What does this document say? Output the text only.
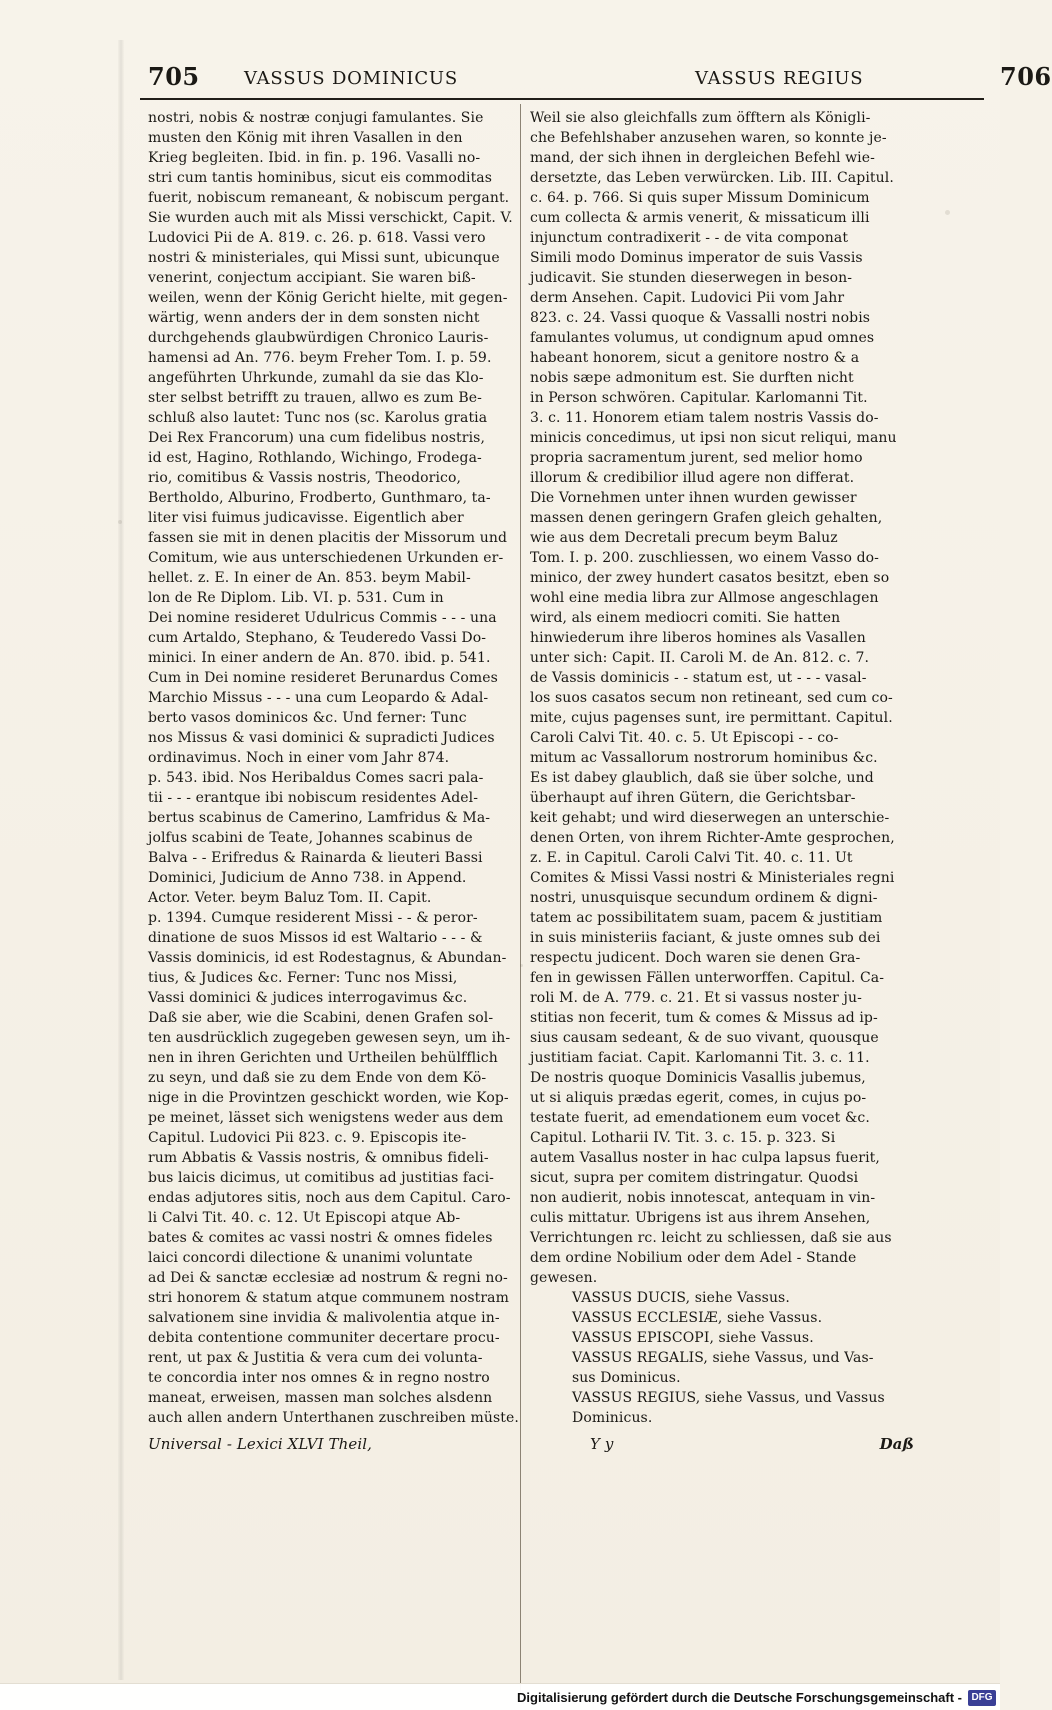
705 VASSUS DOMINICUS	VASSUS REGIUS	706
nostri, nobis & nostræ conjugi famulantes. Sie
musten den König mit ihren Vasallen in den
Krieg begleiten. Ibid. in fin. p. 196. Vasalli no-
stri cum tantis hominibus, sicut eis commoditas
fuerit, nobiscum remaneant, & nobiscum pergant.
Sie wurden auch mit als Missi verschickt, Capit. V.
Ludovici Pii de A. 819. c. 26. p. 618. Vassi vero
nostri & ministeriales, qui Missi sunt, ubicunque
venerint, conjectum accipiant. Sie waren biß-
weilen, wenn der König Gericht hielte, mit gegen-
wärtig, wenn anders der in dem sonsten nicht
durchgehends glaubwürdigen Chronico Lauris-
hamensi ad An. 776. beym Freher Tom. I. p. 59.
angeführten Uhrkunde, zumahl da sie das Klo-
ster selbst betrifft zu trauen, allwo es zum Be-
schluß also lautet: Tunc nos (sc. Karolus gratia
Dei Rex Francorum) una cum fidelibus nostris,
id est, Hagino, Rothlando, Wichingo, Frodega-
rio, comitibus & Vassis nostris, Theodorico,
Bertholdo, Alburino, Frodberto, Gunthmaro, ta-
liter visi fuimus judicavisse. Eigentlich aber
fassen sie mit in denen placitis der Missorum und
Comitum, wie aus unterschiedenen Urkunden er-
hellet. z. E. In einer de An. 853. beym Mabil-
lon de Re Diplom. Lib. VI. p. 531. Cum in
Dei nomine resideret Udulricus Commis - - - una
cum Artaldo, Stephano, & Teuderedo Vassi Do-
minici. In einer andern de An. 870. ibid. p. 541.
Cum in Dei nomine resideret Berunardus Comes
Marchio Missus - - - una cum Leopardo & Adal-
berto vasos dominicos &c. Und ferner: Tunc
nos Missus & vasi dominici & supradicti Judices
ordinavimus. Noch in einer vom Jahr 874.
p. 543. ibid. Nos Heribaldus Comes sacri pala-
tii - - - erantque ibi nobiscum residentes Adel-
bertus scabinus de Camerino, Lamfridus & Ma-
jolfus scabini de Teate, Johannes scabinus de
Balva - - Erifredus & Rainarda & lieuteri Bassi
Dominici, Judicium de Anno 738. in Append.
Actor. Veter. beym Baluz Tom. II. Capit.
p. 1394. Cumque residerent Missi - - & peror-
dinatione de suos Missos id est Waltario - - - &
Vassis dominicis, id est Rodestagnus, & Abundan-
tius, & Judices &c. Ferner: Tunc nos Missi,
Vassi dominici & judices interrogavimus &c.
Daß sie aber, wie die Scabini, denen Grafen sol-
ten ausdrücklich zugegeben gewesen seyn, um ih-
nen in ihren Gerichten und Urtheilen behülfflich
zu seyn, und daß sie zu dem Ende von dem Kö-
nige in die Provintzen geschickt worden, wie Kop-
pe meinet, lässet sich wenigstens weder aus dem
Capitul. Ludovici Pii 823. c. 9. Episcopis ite-
rum Abbatis & Vassis nostris, & omnibus fideli-
bus laicis dicimus, ut comitibus ad justitias faci-
endas adjutores sitis, noch aus dem Capitul. Caro-
li Calvi Tit. 40. c. 12. Ut Episcopi atque Ab-
bates & comites ac vassi nostri & omnes fideles
laici concordi dilectione & unanimi voluntate
ad Dei & sanctæ ecclesiæ ad nostrum & regni no-
stri honorem & statum atque communem nostram
salvationem sine invidia & malivolentia atque in-
debita contentione communiter decertare procu-
rent, ut pax & Justitia & vera cum dei volunta-
te concordia inter nos omnes & in regno nostro
maneat, erweisen, massen man solches alsdenn
auch allen andern Unterthanen zuschreiben müste.
Universal - Lexici XLVI Theil,
Weil sie also gleichfalls zum öfftern als Königli-
che Befehlshaber anzusehen waren, so konnte je-
mand, der sich ihnen in dergleichen Befehl wie-
dersetzte, das Leben verwürcken. Lib. III. Capitul.
c. 64. p. 766. Si quis super Missum Dominicum
cum collecta & armis venerit, & missaticum illi
injunctum contradixerit - - de vita componat
Simili modo Dominus imperator de suis Vassis
judicavit. Sie stunden dieserwegen in beson-
derm Ansehen. Capit. Ludovici Pii vom Jahr
823. c. 24. Vassi quoque & Vassalli nostri nobis
famulantes volumus, ut condignum apud omnes
habeant honorem, sicut a genitore nostro & a
nobis sæpe admonitum est. Sie durften nicht
in Person schwören. Capitular. Karlomanni Tit.
3. c. 11. Honorem etiam talem nostris Vassis do-
minicis concedimus, ut ipsi non sicut reliqui, manu
propria sacramentum jurent, sed melior homo
illorum & credibilior illud agere non differat.
Die Vornehmen unter ihnen wurden gewisser
massen denen geringern Grafen gleich gehalten,
wie aus dem Decretali precum beym Baluz
Tom. I. p. 200. zuschliessen, wo einem Vasso do-
minico, der zwey hundert casatos besitzt, eben so
wohl eine media libra zur Allmose angeschlagen
wird, als einem mediocri comiti. Sie hatten
hinwiederum ihre liberos homines als Vasallen
unter sich: Capit. II. Caroli M. de An. 812. c. 7.
de Vassis dominicis - - statum est, ut - - - vasal-
los suos casatos secum non retineant, sed cum co-
mite, cujus pagenses sunt, ire permittant. Capitul.
Caroli Calvi Tit. 40. c. 5. Ut Episcopi - - co-
mitum ac Vassallorum nostrorum hominibus &c.
Es ist dabey glaublich, daß sie über solche, und
überhaupt auf ihren Gütern, die Gerichtsbar-
keit gehabt; und wird dieserwegen an unterschie-
denen Orten, von ihrem Richter-Amte gesprochen,
z. E. in Capitul. Caroli Calvi Tit. 40. c. 11. Ut
Comites & Missi Vassi nostri & Ministeriales regni
nostri, unusquisque secundum ordinem & digni-
tatem ac possibilitatem suam, pacem & justitiam
in suis ministeriis faciant, & juste omnes sub dei
respectu judicent. Doch waren sie denen Gra-
fen in gewissen Fällen unterworffen. Capitul. Ca-
roli M. de A. 779. c. 21. Et si vassus noster ju-
stitias non fecerit, tum & comes & Missus ad ip-
sius causam sedeant, & de suo vivant, quousque
justitiam faciat. Capit. Karlomanni Tit. 3. c. 11.
De nostris quoque Dominicis Vasallis jubemus,
ut si aliquis prædas egerit, comes, in cujus po-
testate fuerit, ad emendationem eum vocet &c.
Capitul. Lotharii IV. Tit. 3. c. 15. p. 323. Si
autem Vasallus noster in hac culpa lapsus fuerit,
sicut, supra per comitem distringatur. Quodsi
non audierit, nobis innotescat, antequam in vin-
culis mittatur. Ubrigens ist aus ihrem Ansehen,
Verrichtungen rc. leicht zu schliessen, daß sie aus
dem ordine Nobilium oder dem Adel - Stande
gewesen.
VASSUS DUCIS, siehe Vassus.
VASSUS ECCLESIÆ, siehe Vassus.
VASSUS EPISCOPI, siehe Vassus.
VASSUS REGALIS, siehe Vassus, und Vas-
sus Dominicus.
VASSUS REGIUS, siehe Vassus, und Vassus
Dominicus.
Y y	Daß
Digitalisierung gefördert durch die Deutsche Forschungsgemeinschaft - DFG
